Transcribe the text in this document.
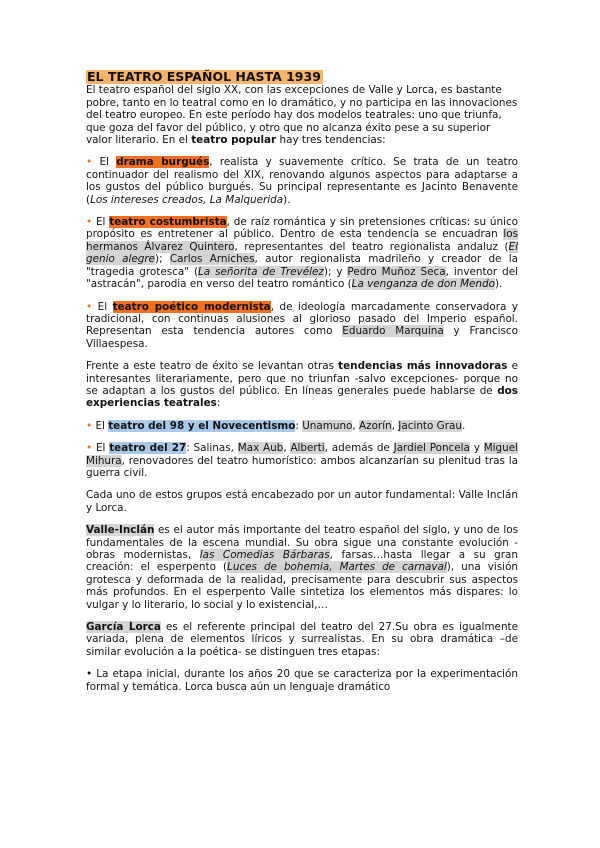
EL TEATRO ESPAÑOL HASTA 1939

El teatro español del siglo XX, con las excepciones de Valle y Lorca, es bastante pobre, tanto en lo teatral como en lo dramático, y no participa en las innovaciones del teatro europeo. En este período hay dos modelos teatrales: uno que triunfa, que goza del favor del público, y otro que no alcanza éxito pese a su superior valor literario. En el teatro popular hay tres tendencias:

• El drama burgués, realista y suavemente crítico. Se trata de un teatro continuador del realismo del XIX, renovando algunos aspectos para adaptarse a los gustos del público burgués. Su principal representante es Jacinto Benavente (Los intereses creados, La Malquerida).

• El teatro costumbrista, de raíz romántica y sin pretensiones críticas: su único propósito es entretener al público. Dentro de esta tendencia se encuadran los hermanos Álvarez Quintero, representantes del teatro regionalista andaluz (El genio alegre); Carlos Arniches, autor regionalista madrileño y creador de la "tragedia grotesca" (La señorita de Trevélez); y Pedro Muñoz Seca, inventor del "astracán", parodia en verso del teatro romántico (La venganza de don Mendo).

• El teatro poético modernista, de ideología marcadamente conservadora y tradicional, con continuas alusiones al glorioso pasado del Imperio español. Representan esta tendencia autores como Eduardo Marquina y Francisco Villaespesa.

Frente a este teatro de éxito se levantan otras tendencias más innovadoras e interesantes literariamente, pero que no triunfan -salvo excepciones- porque no se adaptan a los gustos del público. En líneas generales puede hablarse de dos experiencias teatrales:

• El teatro del 98 y el Novecentismo: Unamuno, Azorín, Jacinto Grau.

• El teatro del 27: Salinas, Max Aub, Alberti, además de Jardiel Poncela y Miguel Mihura, renovadores del teatro humorístico: ambos alcanzarían su plenitud tras la guerra civil.

Cada uno de estos grupos está encabezado por un autor fundamental: Valle Inclán y Lorca.

Valle-Inclán es el autor más importante del teatro español del siglo, y uno de los fundamentales de la escena mundial. Su obra sigue una constante evolución -obras modernistas, las Comedias Bárbaras, farsas…hasta llegar a su gran creación: el esperpento (Luces de bohemia, Martes de carnaval), una visión grotesca y deformada de la realidad, precisamente para descubrir sus aspectos más profundos. En el esperpento Valle sintetiza los elementos más dispares: lo vulgar y lo literario, lo social y lo existencial,…

García Lorca es el referente principal del teatro del 27.Su obra es igualmente variada, plena de elementos líricos y surrealistas. En su obra dramática –de similar evolución a la poética- se distinguen tres etapas:

• La etapa inicial, durante los años 20 que se caracteriza por la experimentación formal y temática. Lorca busca aún un lenguaje dramático
